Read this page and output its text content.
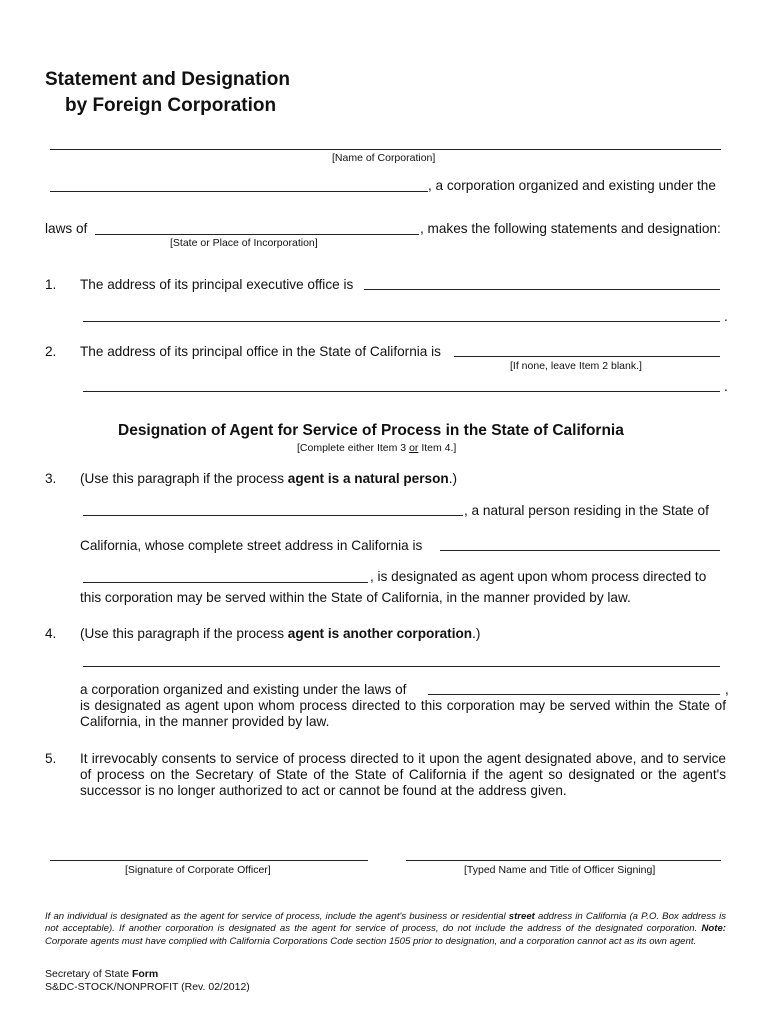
Statement and Designation
by Foreign Corporation
[Name of Corporation]
, a corporation organized and existing under the
laws of	, makes the following statements and designation:
[State or Place of Incorporation]
1. The address of its principal executive office is
.
2. The address of its principal office in the State of California is
[If none, leave Item 2 blank.]
.
Designation of Agent for Service of Process in the State of California
[Complete either Item 3 or Item 4.]
3. (Use this paragraph if the process agent is a natural person.)
, a natural person residing in the State of
California, whose complete street address in California is
, is designated as agent upon whom process directed to
this corporation may be served within the State of California, in the manner provided by law.
4. (Use this paragraph if the process agent is another corporation.)
a corporation organized and existing under the laws of	,
is designated as agent upon whom process directed to this corporation may be served within the State of California, in the manner provided by law.
5. It irrevocably consents to service of process directed to it upon the agent designated above, and to service of process on the Secretary of State of the State of California if the agent so designated or the agent's successor is no longer authorized to act or cannot be found at the address given.
[Signature of Corporate Officer]	[Typed Name and Title of Officer Signing]
If an individual is designated as the agent for service of process, include the agent's business or residential street address in California (a P.O. Box address is not acceptable). If another corporation is designated as the agent for service of process, do not include the address of the designated corporation. Note: Corporate agents must have complied with California Corporations Code section 1505 prior to designation, and a corporation cannot act as its own agent.
Secretary of State Form
S&DC-STOCK/NONPROFIT (Rev. 02/2012)
